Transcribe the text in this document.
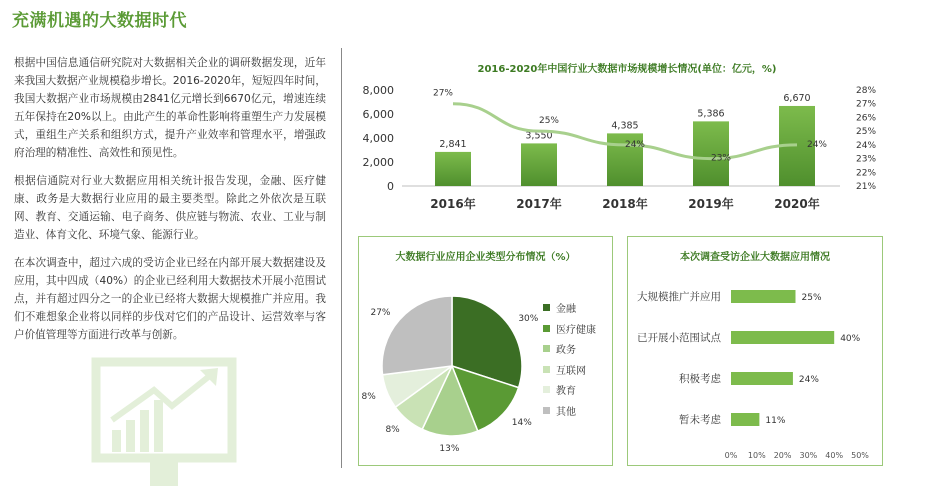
充满机遇的大数据时代

根据中国信息通信研究院对大数据相关企业的调研数据发现，近年来我国大数据产业规模稳步增长。2016-2020年，短短四年时间，我国大数据产业市场规模由2841亿元增长到6670亿元，增速连续五年保持在20%以上。由此产生的革命性影响将重塑生产力发展模式，重组生产关系和组织方式，提升产业效率和管理水平，增强政府治理的精准性、高效性和预见性。

根据信通院对行业大数据应用相关统计报告发现，金融、医疗健康、政务是大数据行业应用的最主要类型。除此之外依次是互联网、教育、交通运输、电子商务、供应链与物流、农业、工业与制造业、体育文化、环境气象、能源行业。

在本次调查中，超过六成的受访企业已经在内部开展大数据建设及应用，其中四成（40%）的企业已经利用大数据技术开展小范围试点，并有超过四分之一的企业已经将大数据大规模推广并应用。我们不难想象企业将以同样的步伐对它们的产品设计、运营效率与客户价值管理等方面进行改革与创新。

2016-2020年中国行业大数据市场规模增长情况(单位：亿元，%)
0
2,000
4,000
6,000
8,000	28%
27%
26%
25%
24%
23%
22%
21%
2,841
2016年
3,550
2017年
4,385
2018年
5,386
2019年
6,670
2020年
27%
25%
24%
23%
24%
大数据行业应用企业类型分布情况（%）
30%
14%
13%
8%
8%
27%	金融
医疗健康
政务
互联网
教育
其他
本次调查受访企业大数据应用情况
大规模推广并应用	25%
已开展小范围试点	40%
积极考虑	24%
暂未考虑	11%
0% 10% 20% 30% 40% 50%
